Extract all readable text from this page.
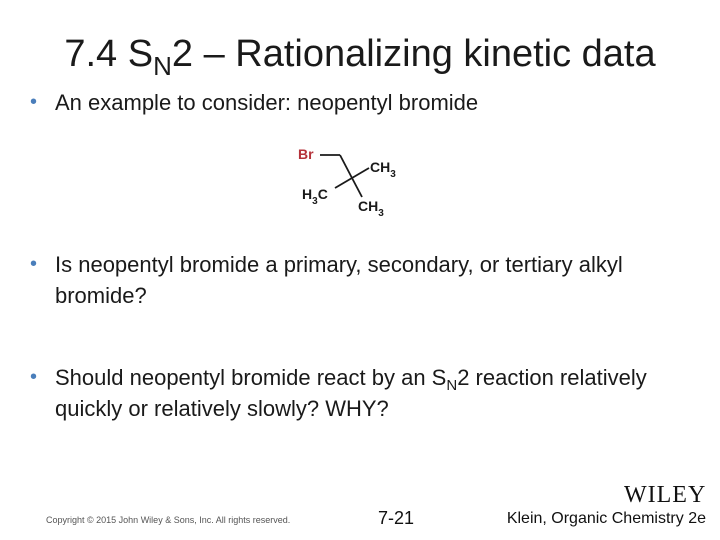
7.4 $S_N2$ – Rationalizing kinetic data
• An example to consider: neopentyl bromide
Br
$CH_3$
$H_3C$
$CH_3$
• Is neopentyl bromide a primary, secondary, or tertiary alkyl bromide?
• Should neopentyl bromide react by an $S_N2$ reaction relatively quickly or relatively slowly? WHY?
WILEY
Copyright © 2015 John Wiley & Sons, Inc. All rights reserved.	7-21	Klein, Organic Chemistry 2e
